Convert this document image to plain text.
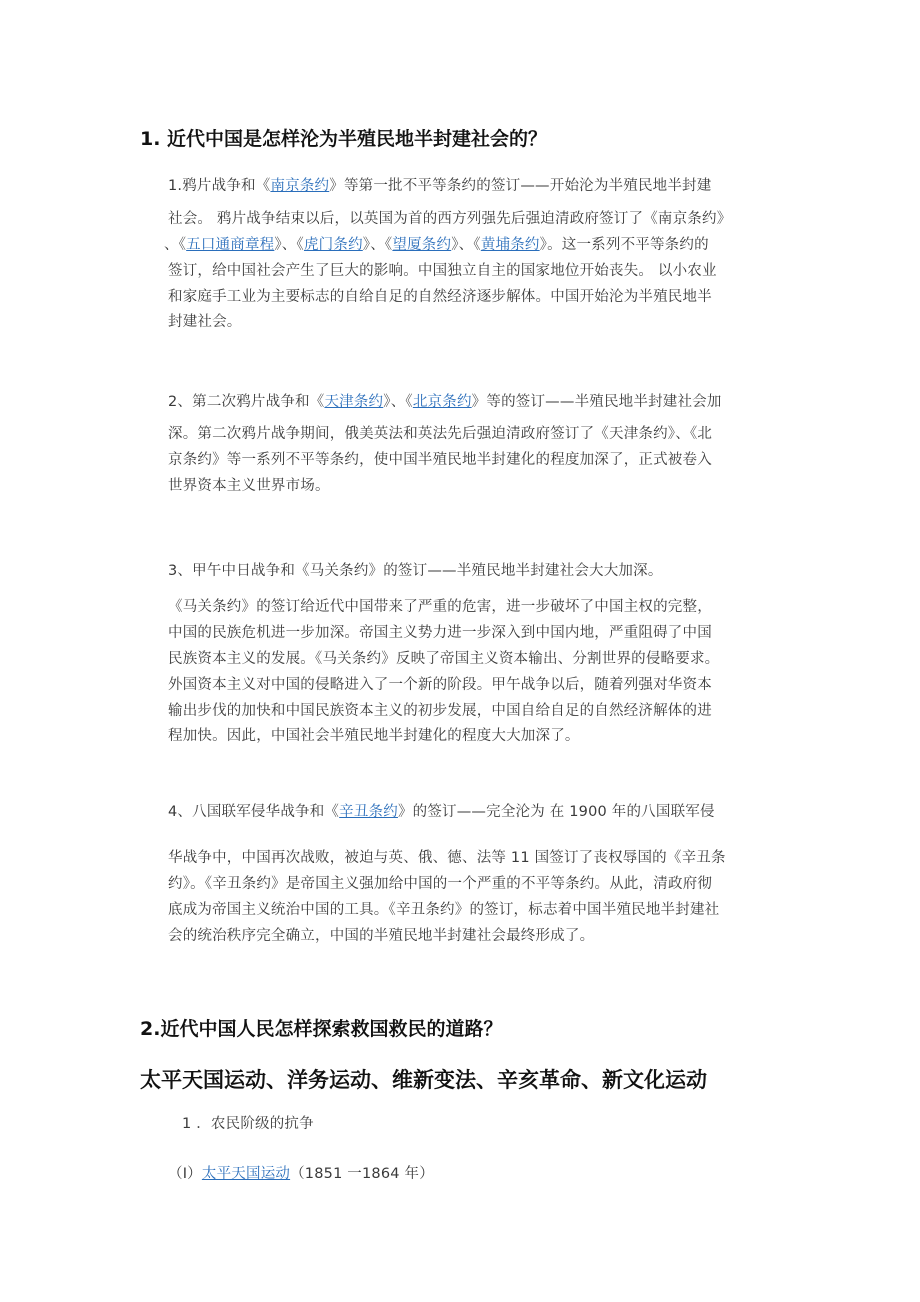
1. 近代中国是怎样沦为半殖民地半封建社会的？
1.鸦片战争和《南京条约》等第一批不平等条约的签订——开始沦为半殖民地半封建
社会。 鸦片战争结束以后，以英国为首的西方列强先后强迫清政府签订了《南京条约》
、《五口通商章程》、《虎门条约》、《望厦条约》、《黄埔条约》。这一系列不平等条约的
签订，给中国社会产生了巨大的影响。中国独立自主的国家地位开始丧失。 以小农业
和家庭手工业为主要标志的自给自足的自然经济逐步解体。中国开始沦为半殖民地半
封建社会。
2、第二次鸦片战争和《天津条约》、《北京条约》等的签订——半殖民地半封建社会加
深。第二次鸦片战争期间，俄美英法和英法先后强迫清政府签订了《天津条约》、《北
京条约》等一系列不平等条约，使中国半殖民地半封建化的程度加深了，正式被卷入
世界资本主义世界市场。
3、甲午中日战争和《马关条约》的签订——半殖民地半封建社会大大加深。
《马关条约》的签订给近代中国带来了严重的危害，进一步破坏了中国主权的完整，
中国的民族危机进一步加深。帝国主义势力进一步深入到中国内地，严重阻碍了中国
民族资本主义的发展。《马关条约》反映了帝国主义资本输出、分割世界的侵略要求。
外国资本主义对中国的侵略进入了一个新的阶段。甲午战争以后，随着列强对华资本
输出步伐的加快和中国民族资本主义的初步发展，中国自给自足的自然经济解体的进
程加快。因此，中国社会半殖民地半封建化的程度大大加深了。
4、八国联军侵华战争和《辛丑条约》的签订——完全沦为 在 1900 年的八国联军侵
华战争中，中国再次战败，被迫与英、俄、德、法等 11 国签订了丧权辱国的《辛丑条
约》。《辛丑条约》是帝国主义强加给中国的一个严重的不平等条约。从此，清政府彻
底成为帝国主义统治中国的工具。《辛丑条约》的签订，标志着中国半殖民地半封建社
会的统治秩序完全确立，中国的半殖民地半封建社会最终形成了。
2.近代中国人民怎样探索救国救民的道路？
太平天国运动、洋务运动、维新变法、辛亥革命、新文化运动
1 ．农民阶级的抗争
（Ⅰ）太平天国运动（1851 一1864 年）
